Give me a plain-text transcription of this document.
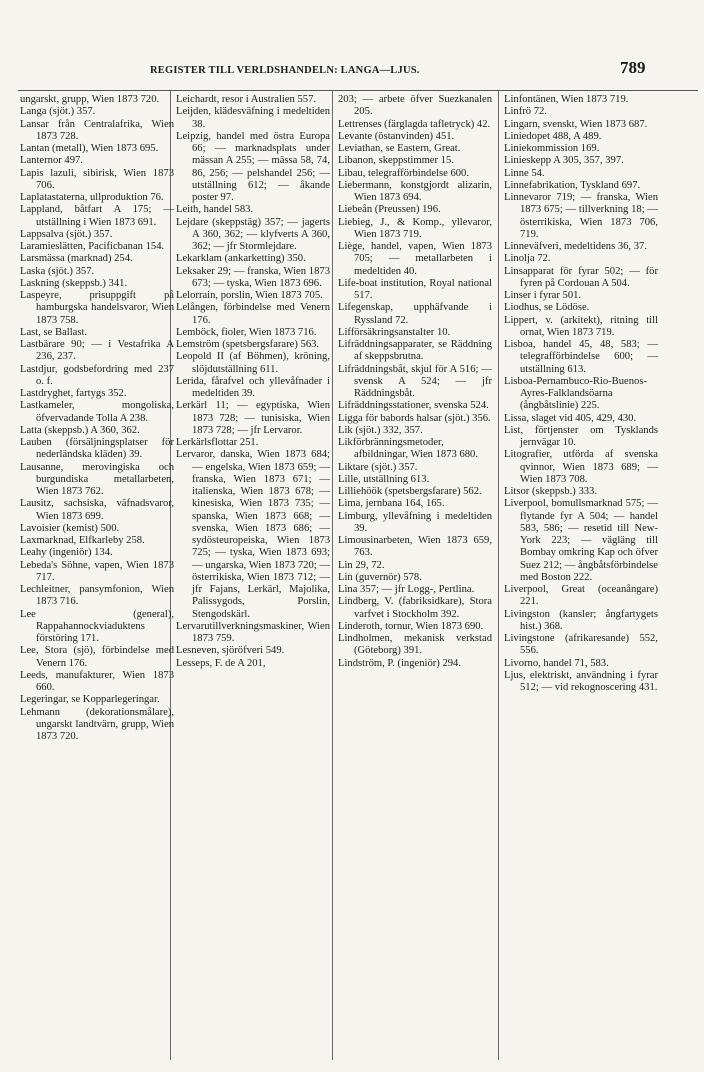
REGISTER TILL VERLDSHANDELN: LANGA—LJUS.	789
ungarskt, grupp, Wien 1873 720.
Langa (sjöt.) 357.
Lansar från Centralafrika, Wien 1873 728.
Lantan (metall), Wien 1873 695.
Lanternor 497.
Lapis lazuli, sibirisk, Wien 1873 706.
Laplatastaterna, ullproduktion 76.
Lappland, båtfart A 175; — utställning i Wien 1873 691.
Lappsalva (sjöt.) 357.
Laramieslätten, Pacificbanan 154.
Larsmässa (marknad) 254.
Laska (sjöt.) 357.
Laskning (skeppsb.) 341.
Laspeyre, prisuppgift på hamburgska handelsvaror, Wien 1873 758.
Last, se Ballast.
Lastbärare 90; — i Vestafrika A 236, 237.
Lastdjur, godsbefordring med 237 o. f.
Lastdryghet, fartygs 352.
Lastkameler, mongoliska, öfvervadande Tolla A 238.
Latta (skeppsb.) A 360, 362.
Lauben (försäljningsplatser för nederländska kläden) 39.
Lausanne, merovingiska och burgundiska metallarbeten, Wien 1873 762.
Lausitz, sachsiska, väfnadsvaror, Wien 1873 699.
Lavoisier (kemist) 500.
Laxmarknad, Elfkarleby 258.
Leahy (ingeniör) 134.
Lebeda's Söhne, vapen, Wien 1873 717.
Lechleitner, pansymfonion, Wien 1873 716.
Lee (general), Rappahannockviaduktens förstöring 171.
Lee, Stora (sjö), förbindelse med Venern 176.
Leeds, manufakturer, Wien 1873 660.
Legeringar, se Kopparlegeringar.
Lehmann (dekorationsmålare), ungarskt landtvärn, grupp, Wien 1873 720.
Leichardt, resor i Australien 557.
Leijden, klädesväfning i medeltiden 38.
Leipzig, handel med östra Europa 66; — marknadsplats under mässan A 255; — mässa 58, 74, 86, 256; — pelshandel 256; — utställning 612; — åkande poster 97.
Leith, handel 583.
Lejdare (skeppstäg) 357; — jagerts A 360, 362; — klyfverts A 360, 362; — jfr Stormlejdare.
Lekarklam (ankarketting) 350.
Leksaker 29; — franska, Wien 1873 673; — tyska, Wien 1873 696.
Lelorrain, porslin, Wien 1873 705.
Lelången, förbindelse med Venern 176.
Lemböck, fioler, Wien 1873 716.
Lemström (spetsbergsfarare) 563.
Leopold II (af Böhmen), kröning, slöjdutställning 611.
Lerida, fårafvel och yllevåfnader i medeltiden 39.
Lerkärl 11; — egyptiska, Wien 1873 728; — tunisiska, Wien 1873 728; — jfr Lervaror.
Lerkärlsflottar 251.
Lervaror, danska, Wien 1873 684; — engelska, Wien 1873 659; — franska, Wien 1873 671; — italienska, Wien 1873 678; — kinesiska, Wien 1873 735; — spanska, Wien 1873 668; — svenska, Wien 1873 686; — sydösteuropeiska, Wien 1873 725; — tyska, Wien 1873 693; — ungarska, Wien 1873 720; — österrikiska, Wien 1873 712; — jfr Fajans, Lerkärl, Majolika, Palissygods, Porslin, Stengodskärl.
Lervarutillverkningsmaskiner, Wien 1873 759.
Lesneven, sjöröfveri 549.
Lesseps, F. de A 201,
203; — arbete öfver Suezkanalen 205.
Lettrenses (färglagda tafletryck) 42.
Levante (östanvinden) 451.
Leviathan, se Eastern, Great.
Libanon, skeppstimmer 15.
Libau, telegrafförbindelse 600.
Liebermann, konstgjordt alizarin, Wien 1873 694.
Liebeån (Preussen) 196.
Liebieg, J., & Komp., yllevaror, Wien 1873 719.
Liège, handel, vapen, Wien 1873 705; — metallarbeten i medeltiden 40.
Life-boat institution, Royal national 517.
Lifegenskap, upphäfvande i Ryssland 72.
Lifförsäkringsanstalter 10.
Lifräddningsapparater, se Räddning af skeppsbrutna.
Lifräddningsbåt, skjul för A 516; — svensk A 524; — jfr Räddningsbåt.
Lifräddningsstationer, svenska 524.
Ligga för babords halsar (sjöt.) 356.
Lik (sjöt.) 332, 357.
Likförbränningsmetoder, afbildningar, Wien 1873 680.
Liktare (sjöt.) 357.
Lille, utställning 613.
Lilliehöök (spetsbergsfarare) 562.
Lima, jernbana 164, 165.
Limburg, yllevåfning i medeltiden 39.
Limousinarbeten, Wien 1873 659, 763.
Lin 29, 72.
Lin (guvernör) 578.
Lina 357; — jfr Logg-, Pertlina.
Lindberg, V. (fabriksidkare), Stora varfvet i Stockholm 392.
Linderoth, tornur, Wien 1873 690.
Lindholmen, mekanisk verkstad (Göteborg) 391.
Lindström, P. (ingeniör) 294.
Linfontänen, Wien 1873 719.
Linfrö 72.
Lingarn, svenskt, Wien 1873 687.
Liniedopet 488, A 489.
Liniekommission 169.
Linieskepp A 305, 357, 397.
Linne 54.
Linnefabrikation, Tyskland 697.
Linnevaror 719; — franska, Wien 1873 675; — tillverkning 18; — österrikiska, Wien 1873 706, 719.
Linneväfveri, medeltidens 36, 37.
Linolja 72.
Linsapparat för fyrar 502; — för fyren på Cordouan A 504.
Linser i fyrar 501.
Liodhus, se Lödöse.
Lippert, v. (arkitekt), ritning till ornat, Wien 1873 719.
Lisboa, handel 45, 48, 583; — telegrafförbindelse 600; — utställning 613.
Lisboa-Pernambuco-Rio-Buenos-Ayres-Falklandsöarna (ångbåtslinie) 225.
Lissa, slaget vid 405, 429, 430.
List, förtjenster om Tysklands jernvägar 10.
Litografier, utförda af svenska qvinnor, Wien 1873 689; — Wien 1873 708.
Litsor (skeppsb.) 333.
Liverpool, bomullsmarknad 575; — flytande fyr A 504; — handel 583, 586; — resetid till New-York 223; — vägläng till Bombay omkring Kap och öfver Suez 212; — ångbåtsförbindelse med Boston 222.
Liverpool, Great (oceanångare) 221.
Livingston (kansler; ångfartygets hist.) 368.
Livingstone (afrikaresande) 552, 556.
Livorno, handel 71, 583.
Ljus, elektriskt, användning i fyrar 512; — vid rekognoscering 431.
